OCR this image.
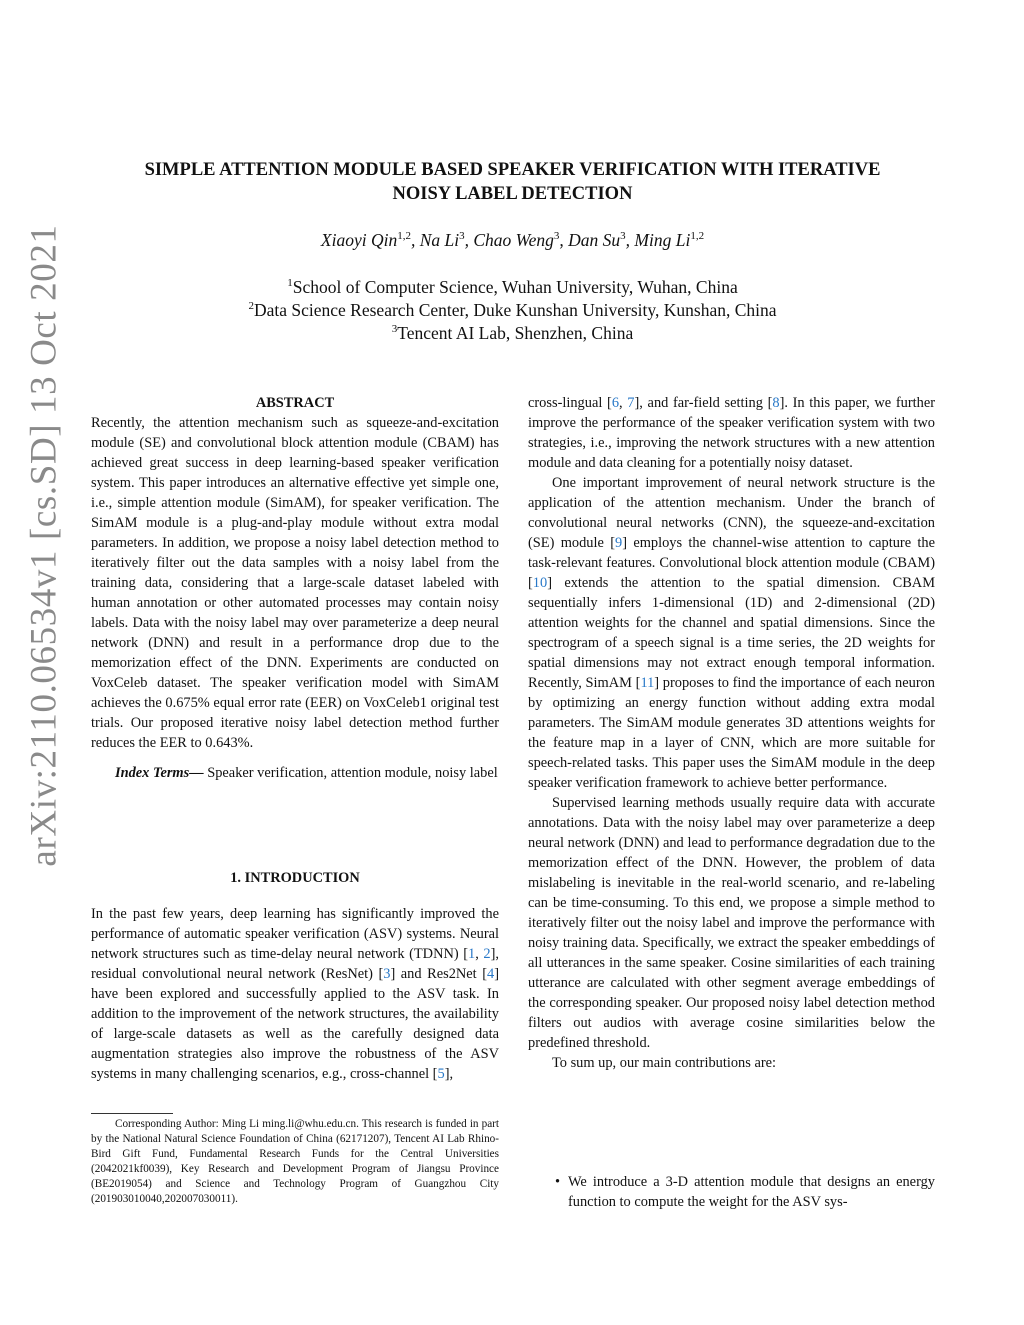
arXiv:2110.06534v1 [cs.SD] 13 Oct 2021
SIMPLE ATTENTION MODULE BASED SPEAKER VERIFICATION WITH ITERATIVE
NOISY LABEL DETECTION
Xiaoyi Qin$^{1,2}$, Na Li$^3$, Chao Weng$^3$, Dan Su$^3$, Ming Li$^{1,2}$
$^1$School of Computer Science, Wuhan University, Wuhan, China
$^2$Data Science Research Center, Duke Kunshan University, Kunshan, China
$^3$Tencent AI Lab, Shenzhen, China
ABSTRACT

Recently, the attention mechanism such as squeeze-and-excitation module (SE) and convolutional block attention module (CBAM) has achieved great success in deep learning-based speaker verification system. This paper introduces an alternative effective yet simple one, i.e., simple attention module (SimAM), for speaker verification. The SimAM module is a plug-and-play module without extra modal parameters. In addition, we propose a noisy label detection method to iteratively filter out the data samples with a noisy label from the training data, considering that a large-scale dataset labeled with human annotation or other automated processes may contain noisy labels. Data with the noisy label may over parameterize a deep neural network (DNN) and result in a performance drop due to the memorization effect of the DNN. Experiments are conducted on VoxCeleb dataset. The speaker verification model with SimAM achieves the 0.675% equal error rate (EER) on VoxCeleb1 original test trials. Our proposed iterative noisy label detection method further reduces the EER to 0.643%.

Index Terms— Speaker verification, attention module, noisy label

1. INTRODUCTION

In the past few years, deep learning has significantly improved the performance of automatic speaker verification (ASV) systems. Neural network structures such as time-delay neural network (TDNN) [1, 2], residual convolutional neural network (ResNet) [3] and Res2Net [4] have been explored and successfully applied to the ASV task. In addition to the improvement of the network structures, the availability of large-scale datasets as well as the carefully designed data augmentation strategies also improve the robustness of the ASV systems in many challenging scenarios, e.g., cross-channel [5],

Corresponding Author: Ming Li ming.li@whu.edu.cn. This research is funded in part by the National Natural Science Foundation of China (62171207), Tencent AI Lab Rhino-Bird Gift Fund, Fundamental Research Funds for the Central Universities (2042021kf0039), Key Research and Development Program of Jiangsu Province (BE2019054) and Science and Technology Program of Guangzhou City (201903010040,202007030011).

cross-lingual [6, 7], and far-field setting [8]. In this paper, we further improve the performance of the speaker verification system with two strategies, i.e., improving the network structures with a new attention module and data cleaning for a potentially noisy dataset.

One important improvement of neural network structure is the application of the attention mechanism. Under the branch of convolutional neural networks (CNN), the squeeze-and-excitation (SE) module [9] employs the channel-wise attention to capture the task-relevant features. Convolutional block attention module (CBAM) [10] extends the attention to the spatial dimension. CBAM sequentially infers 1-dimensional (1D) and 2-dimensional (2D) attention weights for the channel and spatial dimensions. Since the spectrogram of a speech signal is a time series, the 2D weights for spatial dimensions may not extract enough temporal information. Recently, SimAM [11] proposes to find the importance of each neuron by optimizing an energy function without adding extra modal parameters. The SimAM module generates 3D attentions weights for the feature map in a layer of CNN, which are more suitable for speech-related tasks. This paper uses the SimAM module in the deep speaker verification framework to achieve better performance.

Supervised learning methods usually require data with accurate annotations. Data with the noisy label may over parameterize a deep neural network (DNN) and lead to performance degradation due to the memorization effect of the DNN. However, the problem of data mislabeling is inevitable in the real-world scenario, and re-labeling can be time-consuming. To this end, we propose a simple method to iteratively filter out the noisy label and improve the performance with noisy training data. Specifically, we extract the speaker embeddings of all utterances in the same speaker. Cosine similarities of each training utterance are calculated with other segment average embeddings of the corresponding speaker. Our proposed noisy label detection method filters out audios with average cosine similarities below the predefined threshold.

To sum up, our main contributions are:

• We introduce a 3-D attention module that designs an energy function to compute the weight for the ASV sys-
